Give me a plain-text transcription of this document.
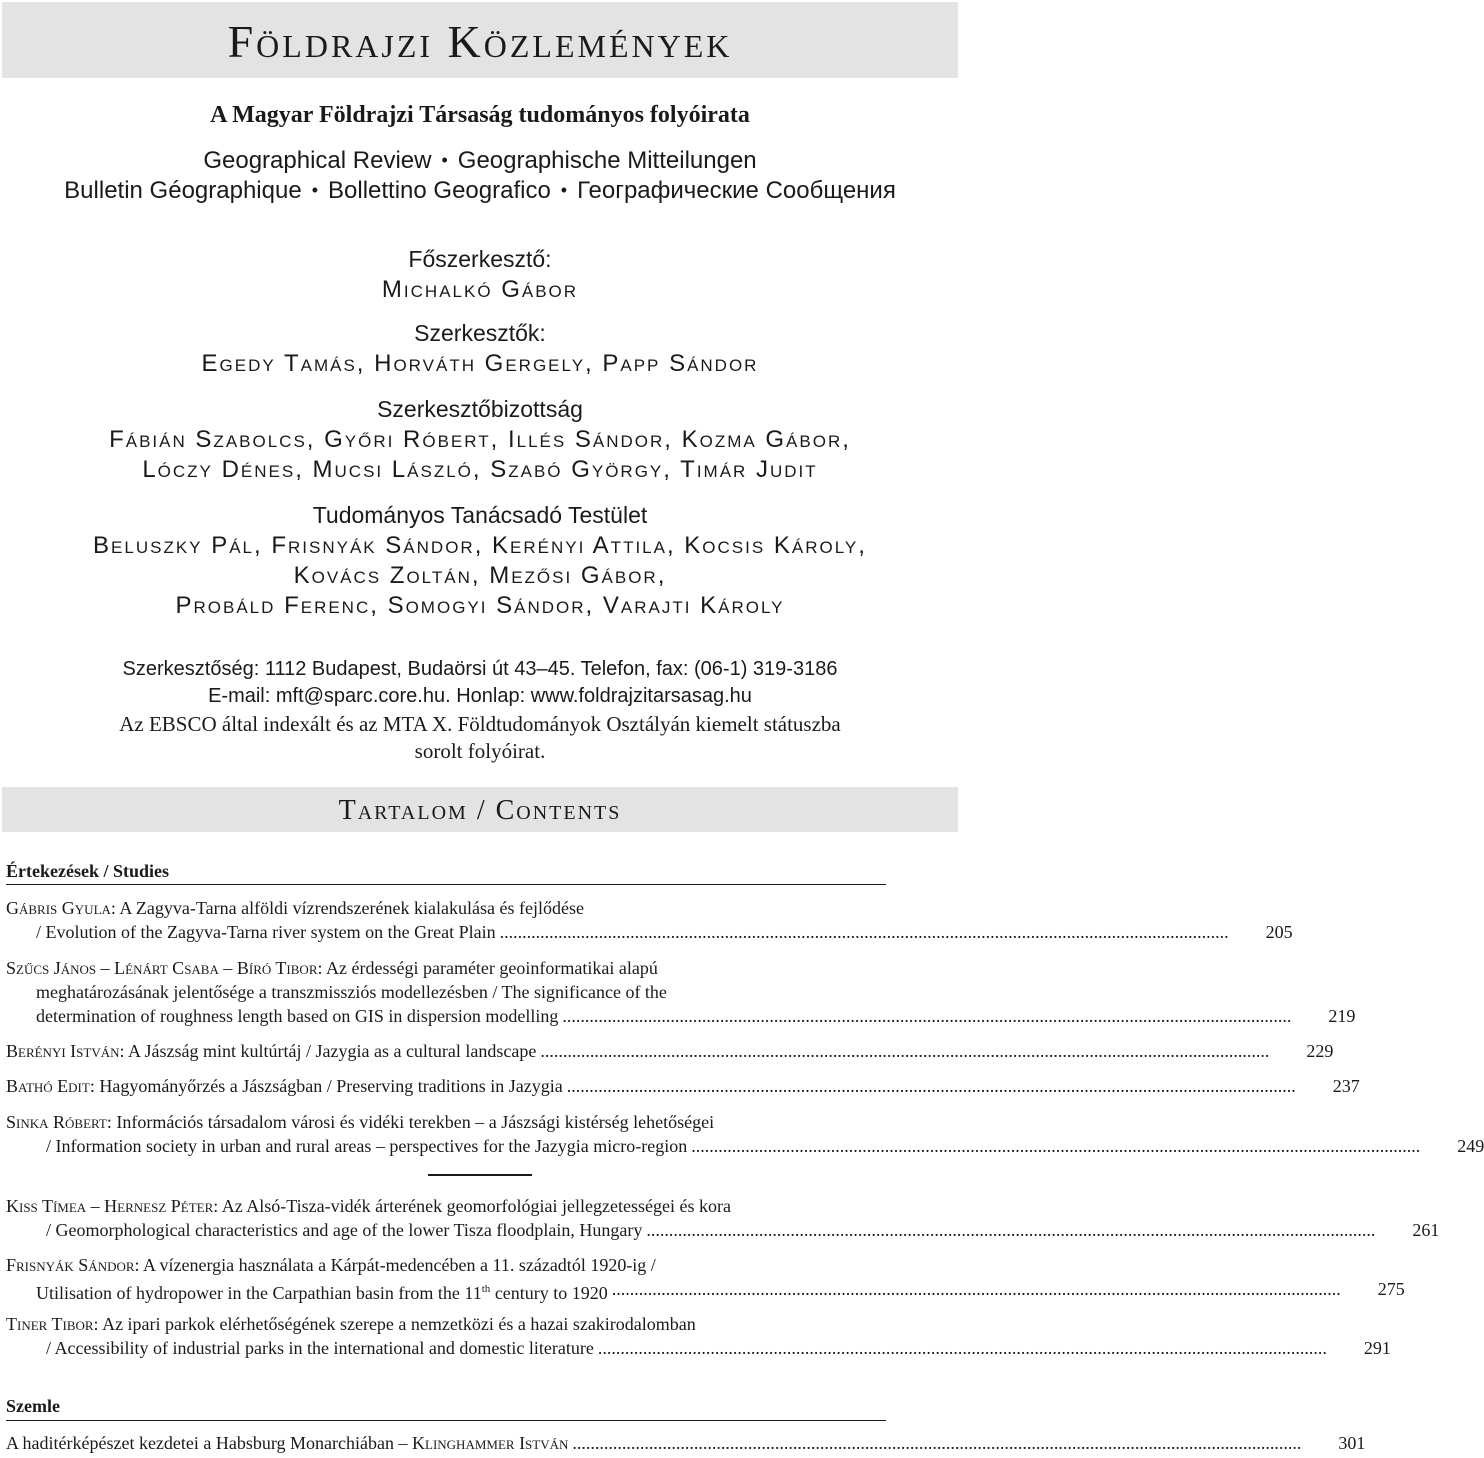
Földrajzi Közlemények
A Magyar Földrajzi Társaság tudományos folyóirata
Geographical Review • Geographische Mitteilungen
Bulletin Géographique • Bollettino Geografico • Географические Сообщения
Főszerkesztő:
Michalkó Gábor
Szerkesztők:
Egedy Tamás, Horváth Gergely, Papp Sándor
Szerkesztőbizottság
Fábián Szabolcs, Győri Róbert, Illés Sándor, Kozma Gábor,
Lóczy Dénes, Mucsi László, Szabó György, Timár Judit
Tudományos Tanácsadó Testület
Beluszky Pál, Frisnyák Sándor, Kerényi Attila, Kocsis Károly,
Kovács Zoltán, Mezősi Gábor,
Probáld Ferenc, Somogyi Sándor, Varajti Károly
Szerkesztőség: 1112 Budapest, Budaörsi út 43–45. Telefon, fax: (06-1) 319-3186
E-mail: mft@sparc.core.hu. Honlap: www.foldrajzitarsasag.hu
Az EBSCO által indexált és az MTA X. Földtudományok Osztályán kiemelt státuszba
sorolt folyóirat.
Tartalom / Contents
Értekezések / Studies
Gábris Gyula: A Zagyva-Tarna alföldi vízrendszerének kialakulása és fejlődése
/ Evolution of the Zagyva-Tarna river system on the Great Plain ..................................................................................................................................................................	205
Szűcs János – Lénárt Csaba – Bíró Tibor: Az érdességi paraméter geoinformatikai alapú
meghatározásának jelentősége a transzmissziós modellezésben / The significance of the
determination of roughness length based on GIS in dispersion modelling ..................................................................................................................................................................	219
Berényi István: A Jászság mint kultúrtáj / Jazygia as a cultural landscape ..................................................................................................................................................................	229
Bathó Edit: Hagyományőrzés a Jászságban / Preserving traditions in Jazygia ..................................................................................................................................................................	237
Sinka Róbert: Információs társadalom városi és vidéki terekben – a Jászsági kistérség lehetőségei
/ Information society in urban and rural areas – perspectives for the Jazygia micro-region ..................................................................................................................................................................	249
Kiss Tímea – Hernesz Péter: Az Alsó-Tisza-vidék árterének geomorfológiai jellegzetességei és kora
/ Geomorphological characteristics and age of the lower Tisza floodplain, Hungary ..................................................................................................................................................................	261
Frisnyák Sándor: A vízenergia használata a Kárpát-medencében a 11. századtól 1920-ig /
Utilisation of hydropower in the Carpathian basin from the 11th century to 1920 ..................................................................................................................................................................	275
Tiner Tibor: Az ipari parkok elérhetőségének szerepe a nemzetközi és a hazai szakirodalomban
/ Accessibility of industrial parks in the international and domestic literature ..................................................................................................................................................................	291
Szemle
A haditérképészet kezdetei a Habsburg Monarchiában – Klinghammer István ..................................................................................................................................................................	301
